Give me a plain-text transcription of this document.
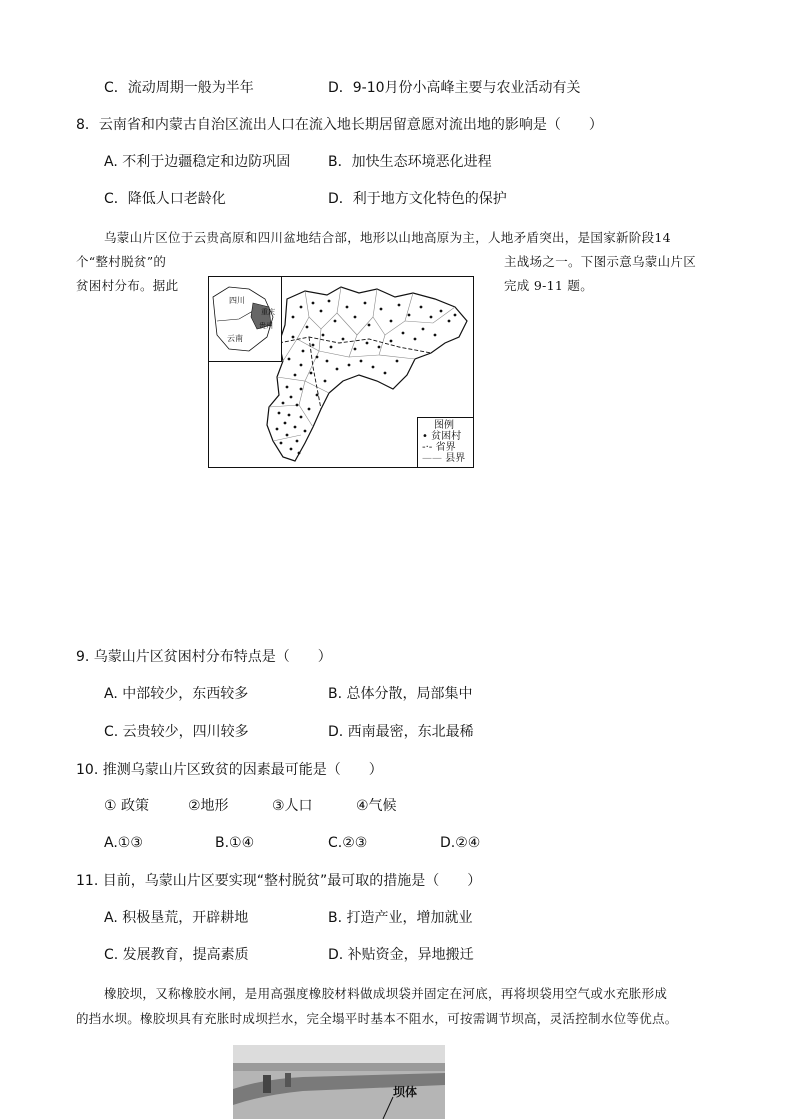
C．流动周期一般为半年	D．9-10月份小高峰主要与农业活动有关
8．云南省和内蒙古自治区流出人口在流入地长期居留意愿对流出地的影响是（　　）
A. 不利于边疆稳定和边防巩固	B．加快生态环境恶化进程
C．降低人口老龄化	D．利于地方文化特色的保护
乌蒙山片区位于云贵高原和四川盆地结合部，地形以山地高原为主，人地矛盾突出，是国家新阶段14
个“整村脱贫”的	主战场之一。下图示意乌蒙山片区
贫困村分布。据此	完成 9-11 题。
四川
云南
重庆
贵州
图例
• 贫困村
‐·‐ 省界
—— 县界
9. 乌蒙山片区贫困村分布特点是（　　）
A. 中部较少，东西较多	B. 总体分散，局部集中
C. 云贵较少，四川较多	D. 西南最密，东北最稀
10. 推测乌蒙山片区致贫的因素最可能是（　　）
① 政策	②地形	③人口	④气候
A.①③	B.①④	C.②③	D.②④
11. 目前，乌蒙山片区要实现“整村脱贫”最可取的措施是（　　）
A. 积极垦荒，开辟耕地	B. 打造产业，增加就业
C. 发展教育，提高素质	D. 补贴资金，异地搬迁
橡胶坝，又称橡胶水闸，是用高强度橡胶材料做成坝袋并固定在河底，再将坝袋用空气或水充胀形成
的挡水坝。橡胶坝具有充胀时成坝拦水，完全塌平时基本不阻水，可按需调节坝高，灵活控制水位等优点。
坝体
